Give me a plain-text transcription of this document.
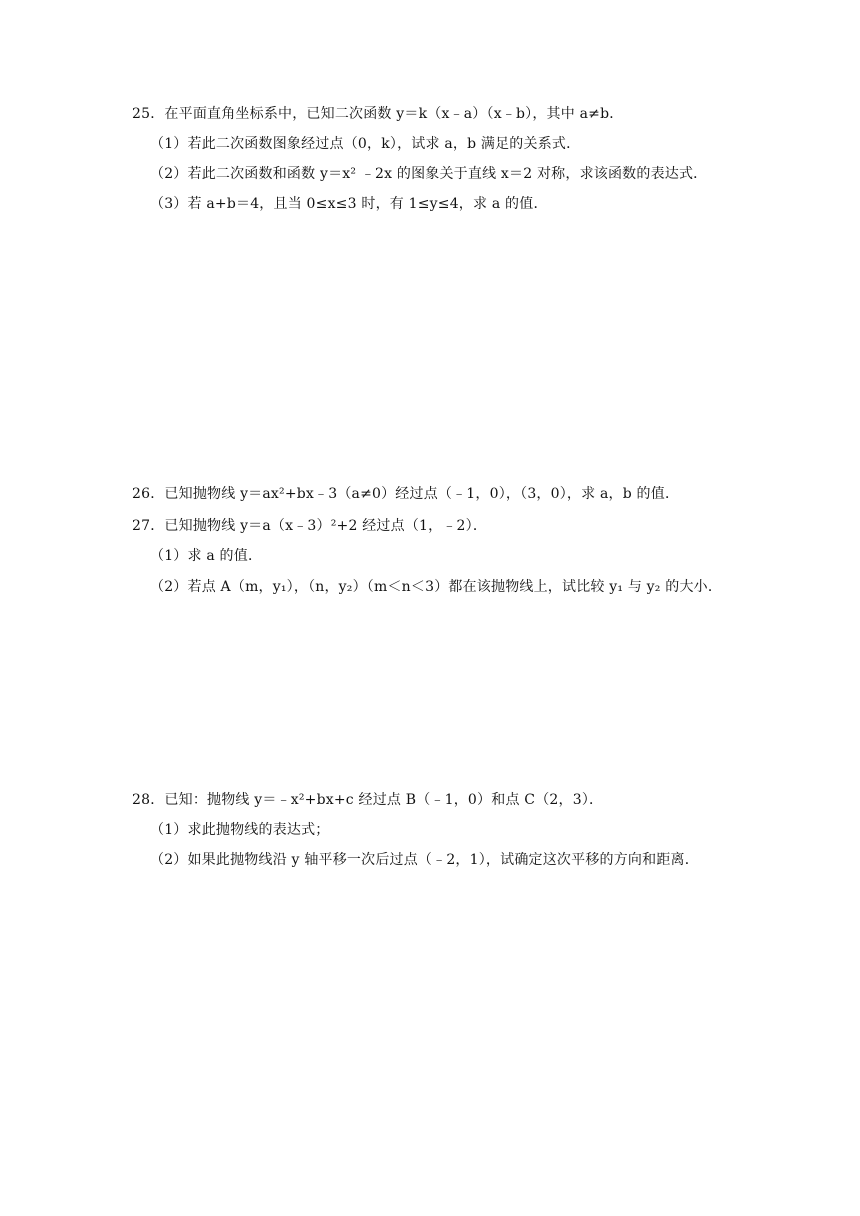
25．在平面直角坐标系中，已知二次函数 y＝k（x﹣a）（x﹣b），其中 a≠b．
（1）若此二次函数图象经过点（0，k），试求 a，b 满足的关系式．
（2）若此二次函数和函数 y＝x² ﹣2x 的图象关于直线 x＝2 对称，求该函数的表达式．
（3）若 a+b＝4，且当 0≤x≤3 时，有 1≤y≤4，求 a 的值．
26．已知抛物线 y＝ax²+bx﹣3（a≠0）经过点（﹣1，0），（3，0），求 a，b 的值．
27．已知抛物线 y＝a（x﹣3）²+2 经过点（1，﹣2）．
（1）求 a 的值．
（2）若点 A（m，y₁），（n，y₂）（m＜n＜3）都在该抛物线上，试比较 y₁ 与 y₂ 的大小．
28．已知：抛物线 y＝﹣x²+bx+c 经过点 B（﹣1，0）和点 C（2，3）．
（1）求此抛物线的表达式；
（2）如果此抛物线沿 y 轴平移一次后过点（﹣2，1），试确定这次平移的方向和距离．
